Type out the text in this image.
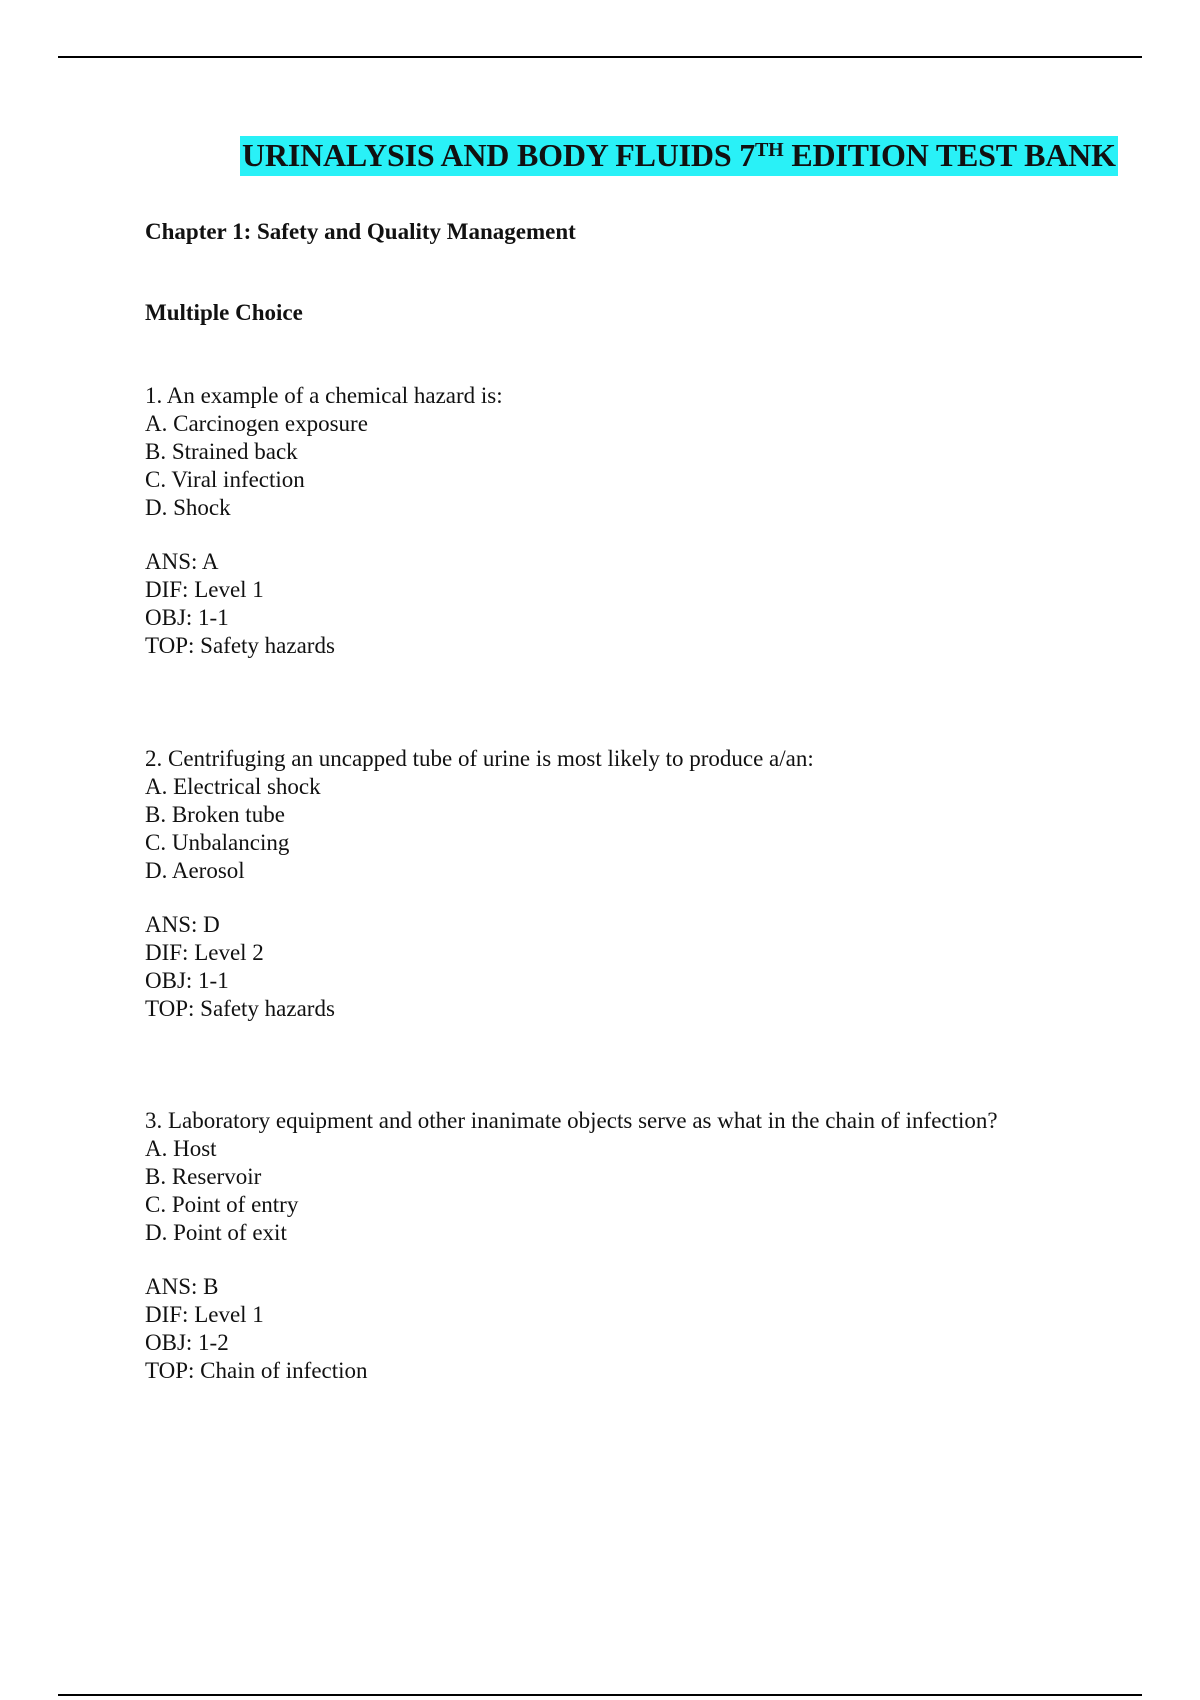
URINALYSIS AND BODY FLUIDS 7TH EDITION TEST BANK
Chapter 1: Safety and Quality Management
Multiple Choice
1. An example of a chemical hazard is:
A. Carcinogen exposure
B. Strained back
C. Viral infection
D. Shock
ANS: A
DIF: Level 1
OBJ: 1-1
TOP: Safety hazards
2. Centrifuging an uncapped tube of urine is most likely to produce a/an:
A. Electrical shock
B. Broken tube
C. Unbalancing
D. Aerosol
ANS: D
DIF: Level 2
OBJ: 1-1
TOP: Safety hazards
3. Laboratory equipment and other inanimate objects serve as what in the chain of infection?
A. Host
B. Reservoir
C. Point of entry
D. Point of exit
ANS: B
DIF: Level 1
OBJ: 1-2
TOP: Chain of infection
